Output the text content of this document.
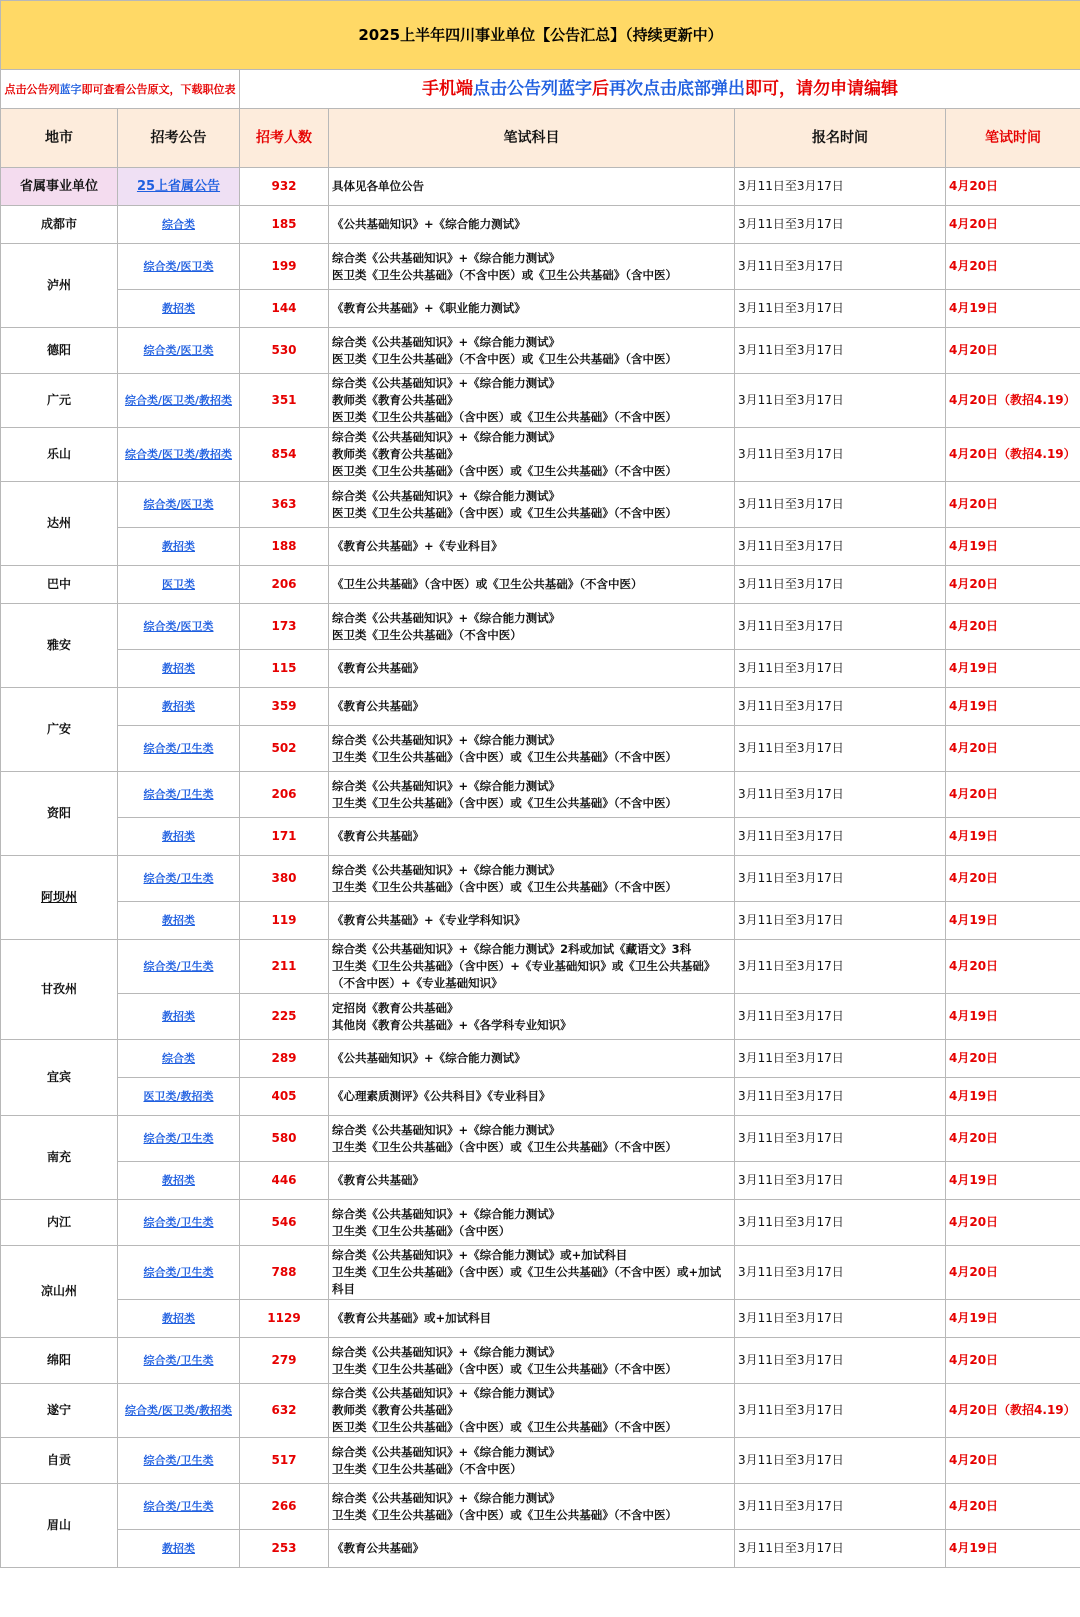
2025上半年四川事业单位【公告汇总】（持续更新中）					
点击公告列蓝字即可查看公告原文，下载职位表		手机端点击公告列蓝字后再次点击底部弹出即可，请勿申请编辑			
地市	招考公告	招考人数	笔试科目	报名时间	笔试时间
省属事业单位	25上省属公告	932	具体见各单位公告	3月11日至3月17日	4月20日
成都市	综合类	185	《公共基础知识》+《综合能力测试》	3月11日至3月17日	4月20日
泸州	综合类/医卫类	199	综合类《公共基础知识》+《综合能力测试》
医卫类《卫生公共基础》（不含中医）或《卫生公共基础》（含中医）	3月11日至3月17日	4月20日
	教招类	144	《教育公共基础》+《职业能力测试》	3月11日至3月17日	4月19日
德阳	综合类/医卫类	530	综合类《公共基础知识》+《综合能力测试》
医卫类《卫生公共基础》（不含中医）或《卫生公共基础》（含中医）	3月11日至3月17日	4月20日
广元	综合类/医卫类/教招类	351	综合类《公共基础知识》+《综合能力测试》
教师类《教育公共基础》
医卫类《卫生公共基础》（含中医）或《卫生公共基础》（不含中医）	3月11日至3月17日	4月20日（教招4.19）
乐山	综合类/医卫类/教招类	854	综合类《公共基础知识》+《综合能力测试》
教师类《教育公共基础》
医卫类《卫生公共基础》（含中医）或《卫生公共基础》（不含中医）	3月11日至3月17日	4月20日（教招4.19）
达州	综合类/医卫类	363	综合类《公共基础知识》+《综合能力测试》
医卫类《卫生公共基础》（含中医）或《卫生公共基础》（不含中医）	3月11日至3月17日	4月20日
	教招类	188	《教育公共基础》+《专业科目》	3月11日至3月17日	4月19日
巴中	医卫类	206	《卫生公共基础》（含中医）或《卫生公共基础》（不含中医）	3月11日至3月17日	4月20日
雅安	综合类/医卫类	173	综合类《公共基础知识》+《综合能力测试》
医卫类《卫生公共基础》（不含中医）	3月11日至3月17日	4月20日
	教招类	115	《教育公共基础》	3月11日至3月17日	4月19日
广安	教招类	359	《教育公共基础》	3月11日至3月17日	4月19日
	综合类/卫生类	502	综合类《公共基础知识》+《综合能力测试》
卫生类《卫生公共基础》（含中医）或《卫生公共基础》（不含中医）	3月11日至3月17日	4月20日
资阳	综合类/卫生类	206	综合类《公共基础知识》+《综合能力测试》
卫生类《卫生公共基础》（含中医）或《卫生公共基础》（不含中医）	3月11日至3月17日	4月20日
	教招类	171	《教育公共基础》	3月11日至3月17日	4月19日
阿坝州	综合类/卫生类	380	综合类《公共基础知识》+《综合能力测试》
卫生类《卫生公共基础》（含中医）或《卫生公共基础》（不含中医）	3月11日至3月17日	4月20日
	教招类	119	《教育公共基础》+《专业学科知识》	3月11日至3月17日	4月19日
甘孜州	综合类/卫生类	211	综合类《公共基础知识》+《综合能力测试》2科或加试《藏语文》3科
卫生类《卫生公共基础》（含中医）+《专业基础知识》或《卫生公共基础》（不含中医）+《专业基础知识》	3月11日至3月17日	4月20日
	教招类	225	定招岗《教育公共基础》
其他岗《教育公共基础》+《各学科专业知识》	3月11日至3月17日	4月19日
宜宾	综合类	289	《公共基础知识》+《综合能力测试》	3月11日至3月17日	4月20日
	医卫类/教招类	405	《心理素质测评》《公共科目》《专业科目》	3月11日至3月17日	4月19日
南充	综合类/卫生类	580	综合类《公共基础知识》+《综合能力测试》
卫生类《卫生公共基础》（含中医）或《卫生公共基础》（不含中医）	3月11日至3月17日	4月20日
	教招类	446	《教育公共基础》	3月11日至3月17日	4月19日
内江	综合类/卫生类	546	综合类《公共基础知识》+《综合能力测试》
卫生类《卫生公共基础》（含中医）	3月11日至3月17日	4月20日
凉山州	综合类/卫生类	788	综合类《公共基础知识》+《综合能力测试》或+加试科目
卫生类《卫生公共基础》（含中医）或《卫生公共基础》（不含中医）或+加试科目	3月11日至3月17日	4月20日
	教招类	1129	《教育公共基础》或+加试科目	3月11日至3月17日	4月19日
绵阳	综合类/卫生类	279	综合类《公共基础知识》+《综合能力测试》
卫生类《卫生公共基础》（含中医）或《卫生公共基础》（不含中医）	3月11日至3月17日	4月20日
遂宁	综合类/医卫类/教招类	632	综合类《公共基础知识》+《综合能力测试》
教师类《教育公共基础》
医卫类《卫生公共基础》（含中医）或《卫生公共基础》（不含中医）	3月11日至3月17日	4月20日（教招4.19）
自贡	综合类/卫生类	517	综合类《公共基础知识》+《综合能力测试》
卫生类《卫生公共基础》（不含中医）	3月11日至3月17日	4月20日
眉山	综合类/卫生类	266	综合类《公共基础知识》+《综合能力测试》
卫生类《卫生公共基础》（含中医）或《卫生公共基础》（不含中医）	3月11日至3月17日	4月20日
	教招类	253	《教育公共基础》	3月11日至3月17日	4月19日
